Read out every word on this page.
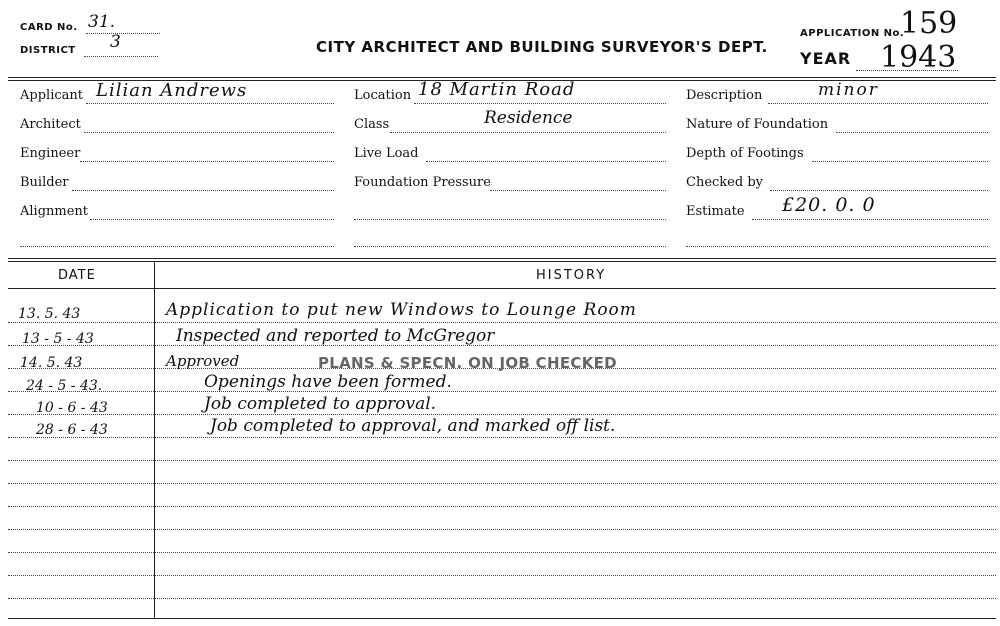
CARD No. 31.
DISTRICT 3	CITY ARCHITECT AND BUILDING SURVEYOR'S DEPT.
APPLICATION No.
159
YEAR 1943
Applicant Lilian Andrews
Architect
Engineer
Builder
Alignment
Location 18 Martin Road
Class	Residence
Live Load
Foundation Pressure
Description	minor
Nature of Foundation
Depth of Footings
Checked by
Estimate £20. 0. 0
DATE	HISTORY
13. 5. 43	Application to put new Windows to Lounge Room
13 - 5 - 43	Inspected and reported to McGregor
14. 5. 43	Approved	PLANS & SPECN. ON JOB CHECKED
24 - 5 - 43.	Openings have been formed.
10 - 6 - 43	Job completed to approval.
28 - 6 - 43	Job completed to approval, and marked off list.
